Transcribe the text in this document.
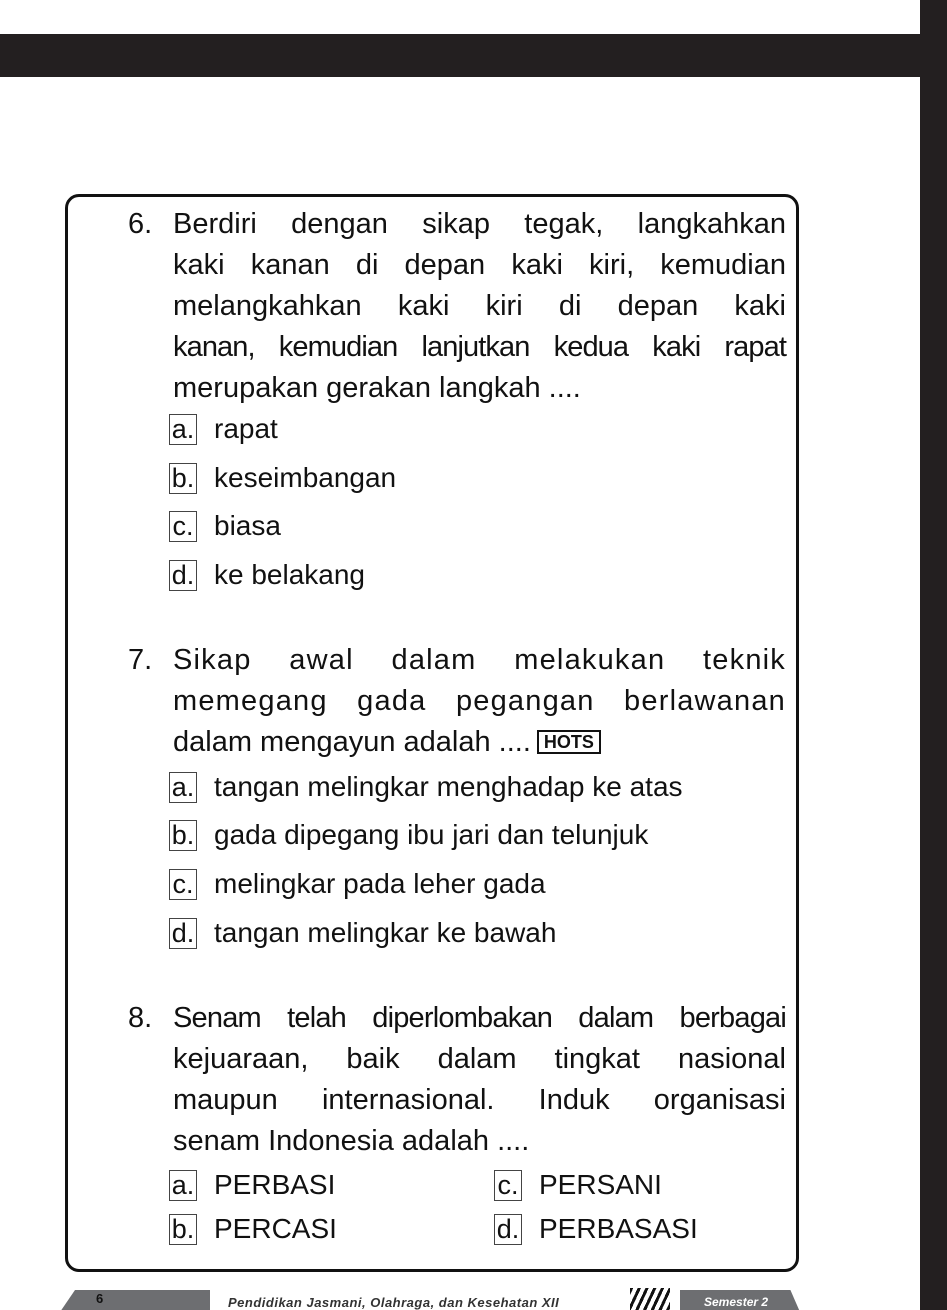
6. Berdiri dengan sikap tegak, langkahkan
kaki kanan di depan kaki kiri, kemudian
melangkahkan kaki kiri di depan kaki
kanan, kemudian lanjutkan kedua kaki rapat
merupakan gerakan langkah ....
a. rapat
b. keseimbangan
c. biasa
d. ke belakang
7. Sikap awal dalam melakukan teknik
memegang gada pegangan berlawanan
dalam mengayun adalah .... HOTS
a. tangan melingkar menghadap ke atas
b. gada dipegang ibu jari dan telunjuk
c. melingkar pada leher gada
d. tangan melingkar ke bawah
8. Senam telah diperlombakan dalam berbagai
kejuaraan, baik dalam tingkat nasional
maupun internasional. Induk organisasi
senam Indonesia adalah ....
a. PERBASI
b. PERCASI
c. PERSANI
d. PERBASASI
6	Pendidikan Jasmani, Olahraga, dan Kesehatan XII	Semester 2
